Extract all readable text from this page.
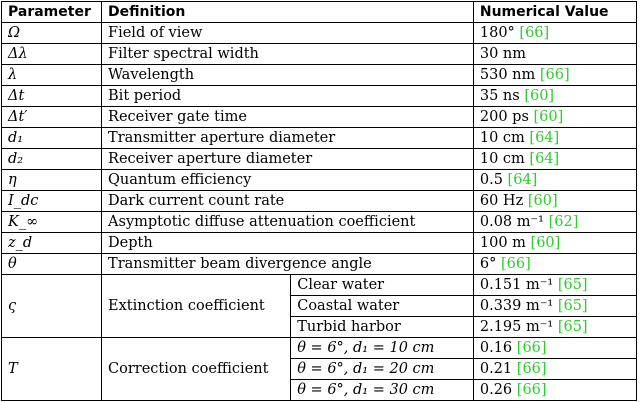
Parameter	Definition		Numerical Value
Ω	Field of view		180° [66]
Δλ	Filter spectral width		30 nm
λ	Wavelength		530 nm [66]
Δt	Bit period		35 ns [60]
Δt′	Receiver gate time		200 ps [60]
d₁	Transmitter aperture diameter		10 cm [64]
d₂	Receiver aperture diameter		10 cm [64]
η	Quantum efficiency		0.5 [64]
I_dc	Dark current count rate		60 Hz [60]
K_∞	Asymptotic diffuse attenuation coefficient		0.08 m⁻¹ [62]
z_d	Depth		100 m [60]
θ	Transmitter beam divergence angle		6° [66]
ς	Extinction coefficient	Clear water	0.151 m⁻¹ [65]
		Coastal water	0.339 m⁻¹ [65]
		Turbid harbor	2.195 m⁻¹ [65]
T	Correction coefficient	θ = 6°, d₁ = 10 cm	0.16 [66]
		θ = 6°, d₁ = 20 cm	0.21 [66]
		θ = 6°, d₁ = 30 cm	0.26 [66]
